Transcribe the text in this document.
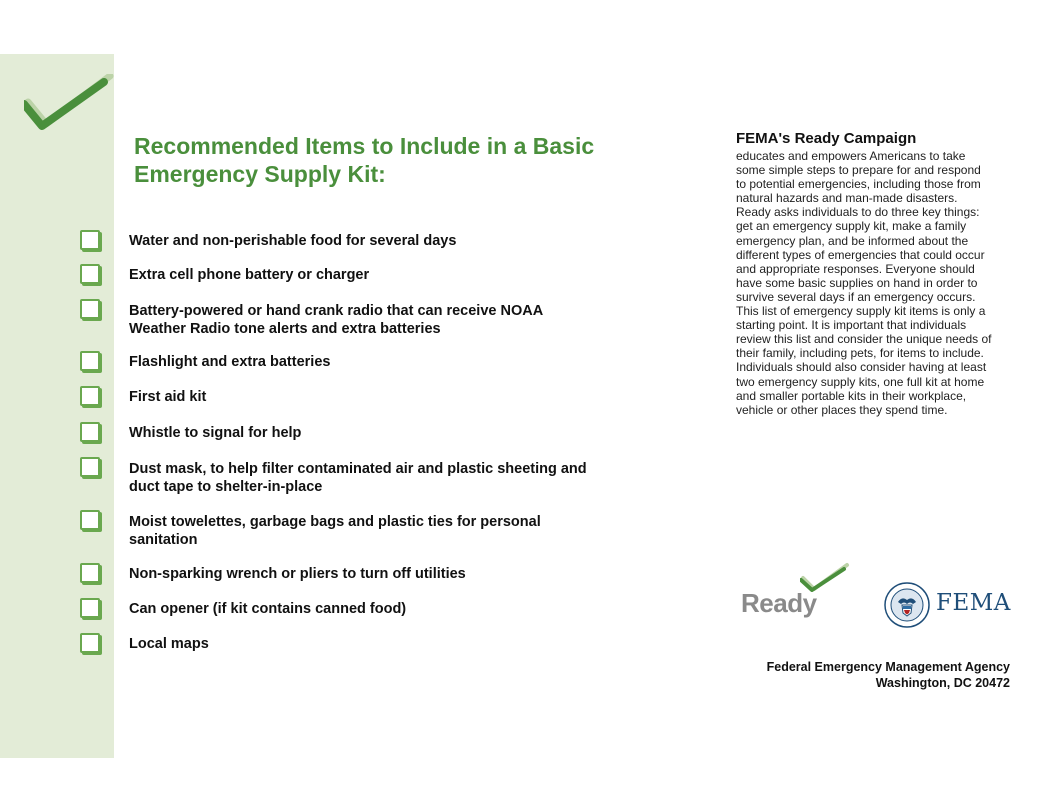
Recommended Items to Include in a Basic Emergency Supply Kit:
Water and non-perishable food for several days
Extra cell phone battery or charger
Battery-powered or hand crank radio that can receive NOAA Weather Radio tone alerts and extra batteries
Flashlight and extra batteries
First aid kit
Whistle to signal for help
Dust mask, to help filter contaminated air and plastic sheeting and duct tape to shelter-in-place
Moist towelettes, garbage bags and plastic ties for personal sanitation
Non-sparking wrench or pliers to turn off utilities
Can opener (if kit contains canned food)
Local maps
FEMA's Ready Campaign

educates and empowers Americans to take some simple steps to prepare for and respond to potential emergencies, including those from natural hazards and man-made disasters. Ready asks individuals to do three key things: get an emergency supply kit, make a family emergency plan, and be informed about the different types of emergencies that could occur and appropriate responses. Everyone should have some basic supplies on hand in order to survive several days if an emergency occurs. This list of emergency supply kit items is only a starting point. It is important that individuals review this list and consider the unique needs of their family, including pets, for items to include. Individuals should also consider having at least two emergency supply kits, one full kit at home and smaller portable kits in their workplace, vehicle or other places they spend time.

Ready	FEMA
Federal Emergency Management Agency
Washington, DC 20472
